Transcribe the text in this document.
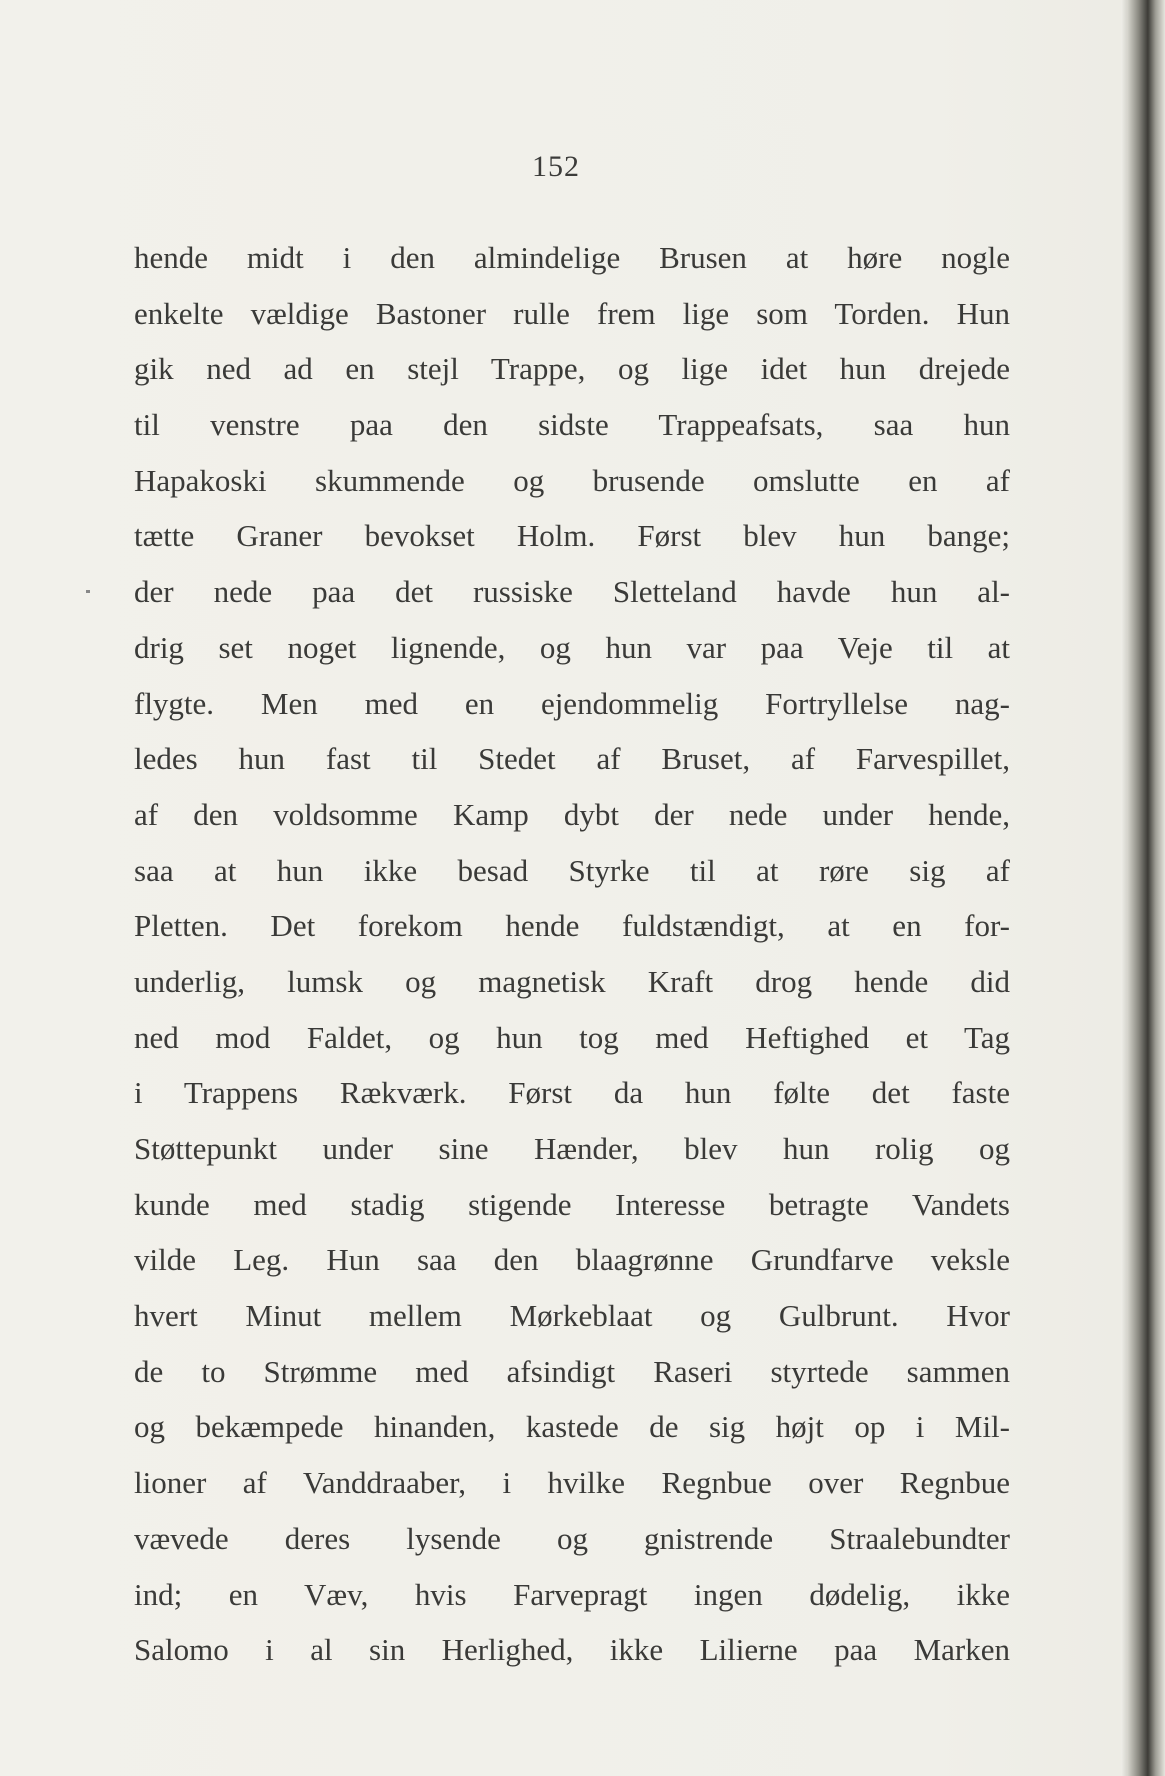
152
hende midt i den almindelige Brusen at høre nogle
enkelte vældige Bastoner rulle frem lige som Torden. Hun
gik ned ad en stejl Trappe, og lige idet hun drejede
til venstre paa den sidste Trappeafsats, saa hun
Hapakoski skummende og brusende omslutte en af
tætte Graner bevokset Holm. Først blev hun bange;
der nede paa det russiske Sletteland havde hun al-
drig set noget lignende, og hun var paa Veje til at
flygte. Men med en ejendommelig Fortryllelse nag-
ledes hun fast til Stedet af Bruset, af Farvespillet,
af den voldsomme Kamp dybt der nede under hende,
saa at hun ikke besad Styrke til at røre sig af
Pletten. Det forekom hende fuldstændigt, at en for-
underlig, lumsk og magnetisk Kraft drog hende did
ned mod Faldet, og hun tog med Heftighed et Tag
i Trappens Rækværk. Først da hun følte det faste
Støttepunkt under sine Hænder, blev hun rolig og
kunde med stadig stigende Interesse betragte Vandets
vilde Leg. Hun saa den blaagrønne Grundfarve veksle
hvert Minut mellem Mørkeblaat og Gulbrunt. Hvor
de to Strømme med afsindigt Raseri styrtede sammen
og bekæmpede hinanden, kastede de sig højt op i Mil-
lioner af Vanddraaber, i hvilke Regnbue over Regnbue
vævede deres lysende og gnistrende Straalebundter
ind; en Væv, hvis Farvepragt ingen dødelig, ikke
Salomo i al sin Herlighed, ikke Lilierne paa Marken
